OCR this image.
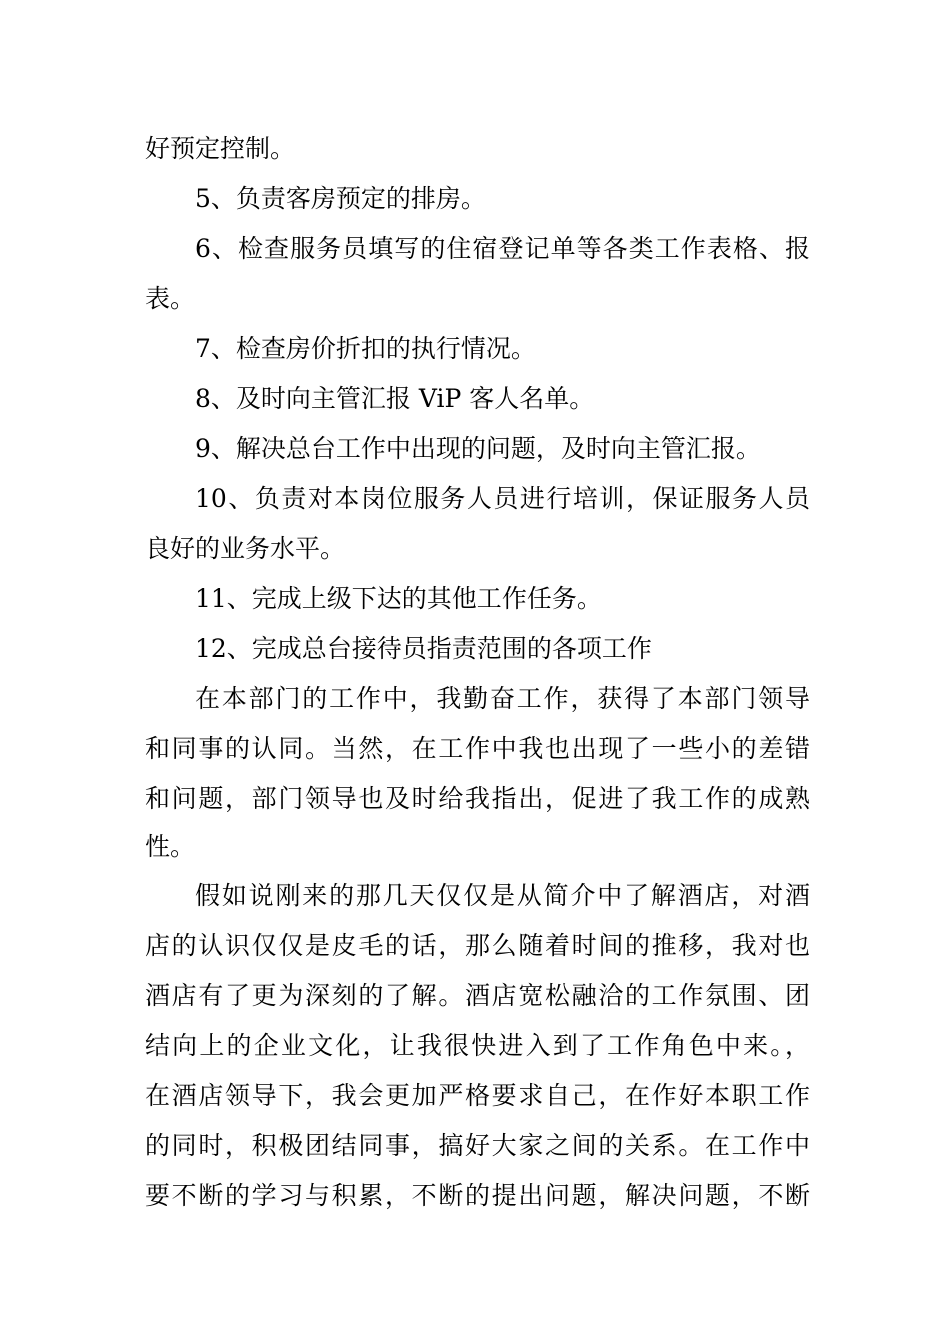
好预定控制。
5、负责客房预定的排房。
6、检查服务员填写的住宿登记单等各类工作表格、报
表。
7、检查房价折扣的执行情况。
8、及时向主管汇报 ViP 客人名单。
9、解决总台工作中出现的问题，及时向主管汇报。
10、负责对本岗位服务人员进行培训，保证服务人员
良好的业务水平。
11、完成上级下达的其他工作任务。
12、完成总台接待员指责范围的各项工作
在本部门的工作中，我勤奋工作，获得了本部门领导
和同事的认同。当然，在工作中我也出现了一些小的差错
和问题，部门领导也及时给我指出，促进了我工作的成熟
性。
假如说刚来的那几天仅仅是从简介中了解酒店，对酒
店的认识仅仅是皮毛的话，那么随着时间的推移，我对也
酒店有了更为深刻的了解。酒店宽松融洽的工作氛围、团
结向上的企业文化，让我很快进入到了工作角色中来。，
在酒店领导下，我会更加严格要求自己，在作好本职工作
的同时，积极团结同事，搞好大家之间的关系。在工作中
要不断的学习与积累，不断的提出问题，解决问题，不断
